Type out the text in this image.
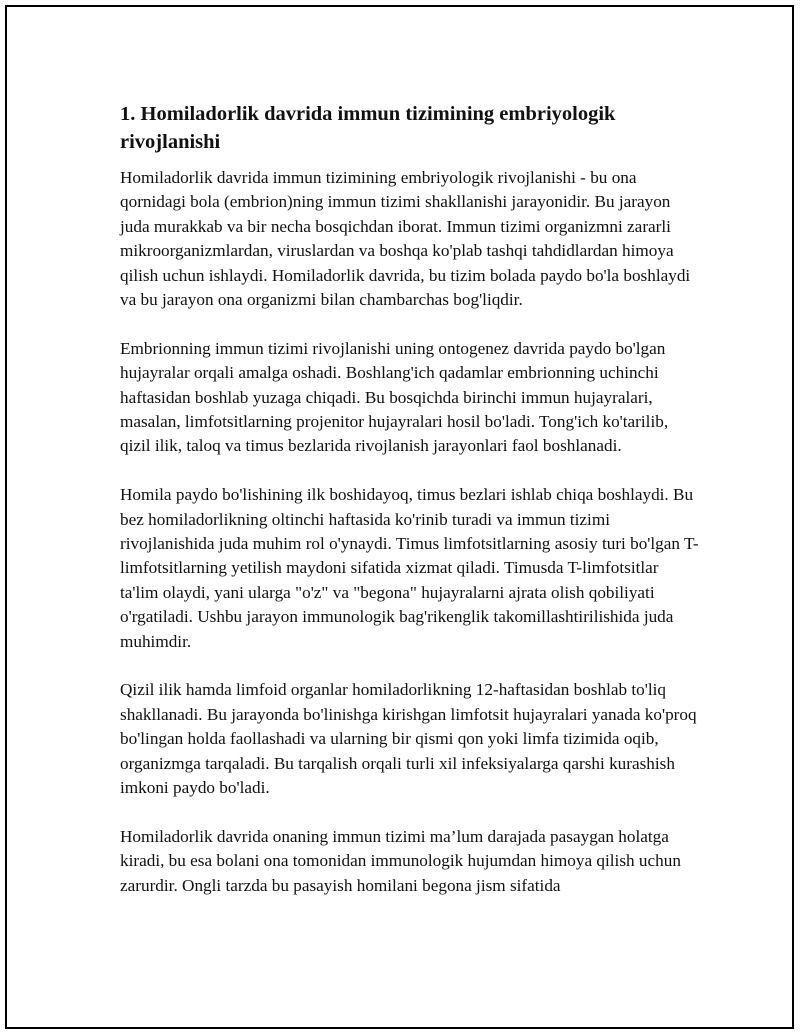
1. Homiladorlik davrida immun tizimining embriyologik rivojlanishi

Homiladorlik davrida immun tizimining embriyologik rivojlanishi - bu ona qornidagi bola (embrion)ning immun tizimi shakllanishi jarayonidir. Bu jarayon juda murakkab va bir necha bosqichdan iborat. Immun tizimi organizmni zararli mikroorganizmlardan, viruslardan va boshqa ko'plab tashqi tahdidlardan himoya qilish uchun ishlaydi. Homiladorlik davrida, bu tizim bolada paydo bo'la boshlaydi va bu jarayon ona organizmi bilan chambarchas bog'liqdir.

Embrionning immun tizimi rivojlanishi uning ontogenez davrida paydo bo'lgan hujayralar orqali amalga oshadi. Boshlang'ich qadamlar embrionning uchinchi haftasidan boshlab yuzaga chiqadi. Bu bosqichda birinchi immun hujayralari, masalan, limfotsitlarning projenitor hujayralari hosil bo'ladi. Tong'ich ko'tarilib, qizil ilik, taloq va timus bezlarida rivojlanish jarayonlari faol boshlanadi.

Homila paydo bo'lishining ilk boshidayoq, timus bezlari ishlab chiqa boshlaydi. Bu bez homiladorlikning oltinchi haftasida ko'rinib turadi va immun tizimi rivojlanishida juda muhim rol o'ynaydi. Timus limfotsitlarning asosiy turi bo'lgan T-limfotsitlarning yetilish maydoni sifatida xizmat qiladi. Timusda T-limfotsitlar ta'lim olaydi, yani ularga "o'z" va "begona" hujayralarni ajrata olish qobiliyati o'rgatiladi. Ushbu jarayon immunologik bag'rikenglik takomillashtirilishida juda muhimdir.

Qizil ilik hamda limfoid organlar homiladorlikning 12-haftasidan boshlab to'liq shakllanadi. Bu jarayonda bo'linishga kirishgan limfotsit hujayralari yanada ko'proq bo'lingan holda faollashadi va ularning bir qismi qon yoki limfa tizimida oqib, organizmga tarqaladi. Bu tarqalish orqali turli xil infeksiyalarga qarshi kurashish imkoni paydo bo'ladi.

Homiladorlik davrida onaning immun tizimi ma’lum darajada pasaygan holatga kiradi, bu esa bolani ona tomonidan immunologik hujumdan himoya qilish uchun zarurdir. Ongli tarzda bu pasayish homilani begona jism sifatida
